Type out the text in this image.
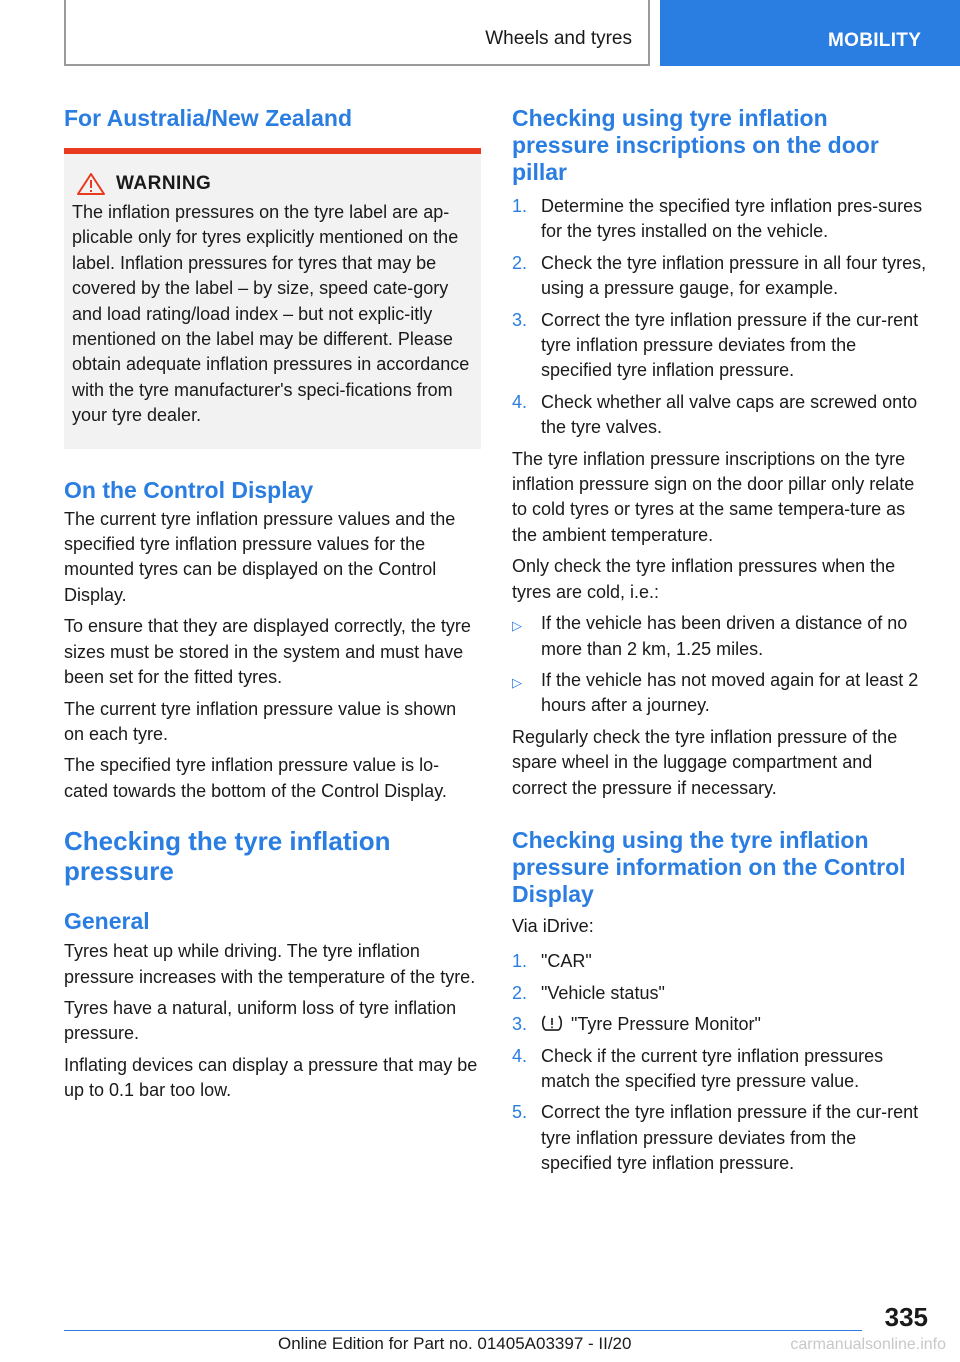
Wheels and tyres	MOBILITY
For Australia/New Zealand
WARNING

The inflation pressures on the tyre label are ap-plicable only for tyres explicitly mentioned on the label. Inflation pressures for tyres that may be covered by the label – by size, speed cate-gory and load rating/load index – but not explic-itly mentioned on the label may be different. Please obtain adequate inflation pressures in accordance with the tyre manufacturer's speci-fications from your tyre dealer.

On the Control Display

The current tyre inflation pressure values and the specified tyre inflation pressure values for the mounted tyres can be displayed on the Control Display.

To ensure that they are displayed correctly, the tyre sizes must be stored in the system and must have been set for the fitted tyres.

The current tyre inflation pressure value is shown on each tyre.

The specified tyre inflation pressure value is lo-cated towards the bottom of the Control Display.

Checking the tyre inflation pressure
General

Tyres heat up while driving. The tyre inflation pressure increases with the temperature of the tyre.

Tyres have a natural, uniform loss of tyre inflation pressure.

Inflating devices can display a pressure that may be up to 0.1 bar too low.

Checking using tyre inflation pressure inscriptions on the door pillar
1. Determine the specified tyre inflation pres-sures for the tyres installed on the vehicle.
2. Check the tyre inflation pressure in all four tyres, using a pressure gauge, for example.
3. Correct the tyre inflation pressure if the cur-rent tyre inflation pressure deviates from the specified tyre inflation pressure.
4. Check whether all valve caps are screwed onto the tyre valves.

The tyre inflation pressure inscriptions on the tyre inflation pressure sign on the door pillar only relate to cold tyres or tyres at the same tempera-ture as the ambient temperature.

Only check the tyre inflation pressures when the tyres are cold, i.e.:

▷	If the vehicle has been driven a distance of no more than 2 km, 1.25 miles.
▷	If the vehicle has not moved again for at least 2 hours after a journey.

Regularly check the tyre inflation pressure of the spare wheel in the luggage compartment and correct the pressure if necessary.

Checking using the tyre inflation pressure information on the Control Display

Via iDrive:

1. "CAR"
2. "Vehicle status"
3.	"Tyre Pressure Monitor"
4. Check if the current tyre inflation pressures match the specified tyre pressure value.
5. Correct the tyre inflation pressure if the cur-rent tyre inflation pressure deviates from the specified tyre inflation pressure.
335
Online Edition for Part no. 01405A03397 - II/20	carmanualsonline.info
